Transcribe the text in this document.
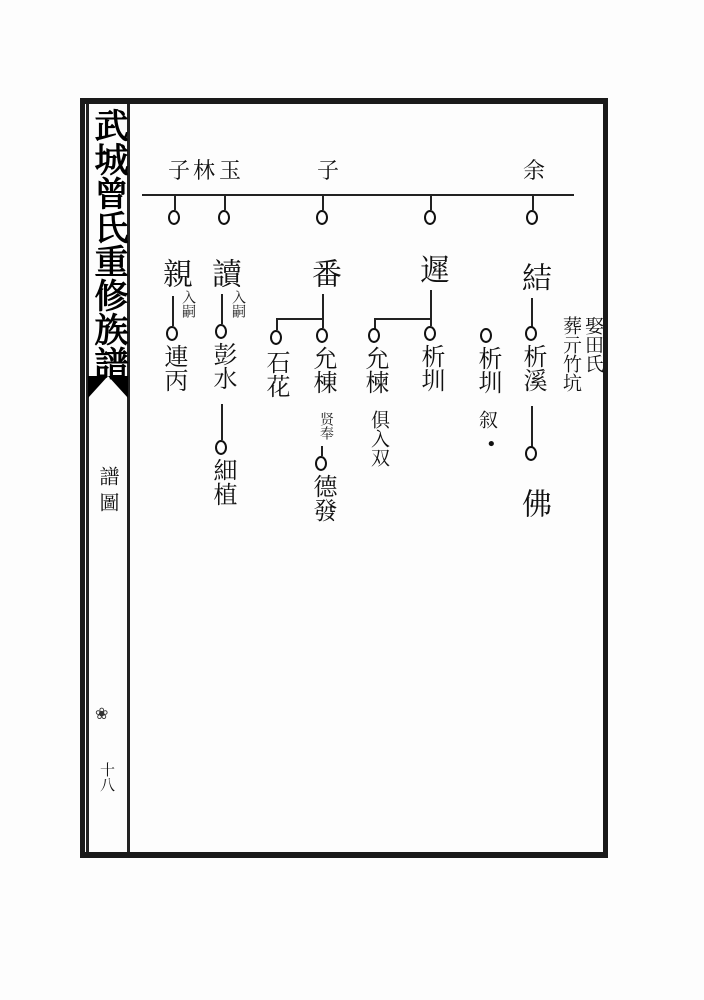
武城曾氏重修族譜
譜圖
❀
十八
余
子
子 林 玉
結
析溪
佛
娶田氏
葬亓竹坑
析圳
叙
•
遲
析圳
允楝
俱入双
番
允棟
贤奉
德發
石花
讀
入嗣
彭水
細植
親
入嗣
連丙
